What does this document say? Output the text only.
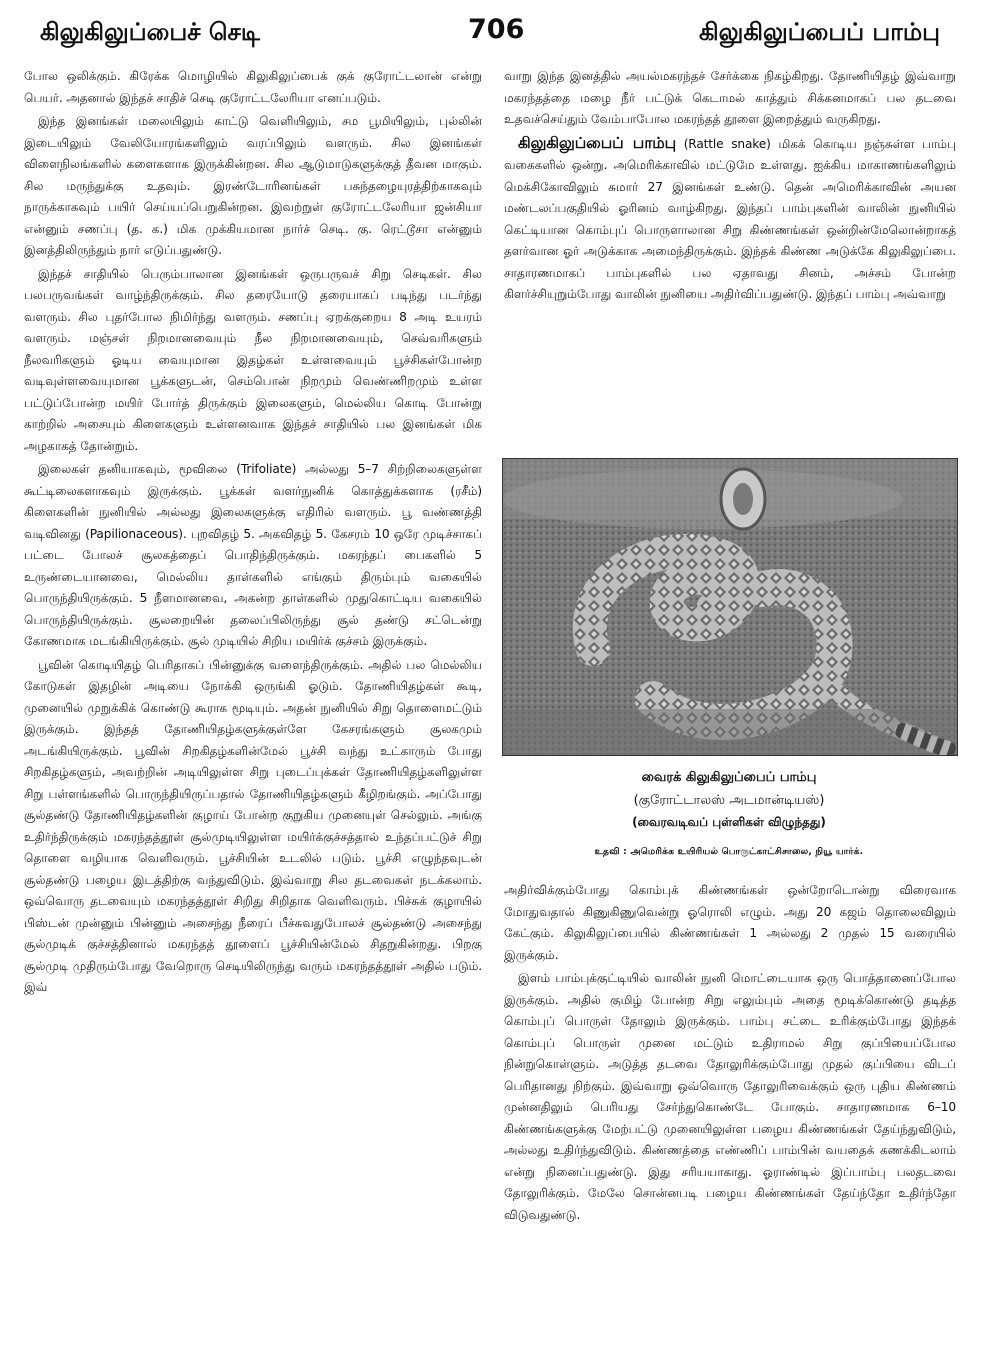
கிலுகிலுப்பைச் செடி	706	கிலுகிலுப்பைப் பாம்பு

போல ஒலிக்கும். கிரேக்க மொழியில் கிலுகிலுப்பைக் குக் குரோட்டலான் என்று பெயர். அதனால் இந்தச் சாதிச் செடி குரோட்டலேரியா எனப்படும்.

இந்த இனங்கள் மலையிலும் காட்டு வெளியிலும், சம பூமியிலும், புல்லின் இடையிலும் வேலியோரங்களிலும் வரப்பிலும் வளரும். சில இனங்கள் விளைநிலங்களில் களைகளாக இருக்கின்றன. சில ஆடுமாடுகளுக்குத் தீவன மாகும். சில மருந்துக்கு உதவும். இரண்டோரினங்கள் பசுந்தழையுரத்திற்காகவும் நாருக்காகவும் பயிர் செய்யப்பெறுகின்றன. இவற்றுள் குரோட்டலேரியா ஜன்சியா என்னும் சணப்பு (த. க.) மிக முக்கியமான நார்ச் செடி. கு. ரெட்டூசா என்னும் இனத்திலிருந்தும் நார் எடுப்பதுண்டு.

இந்தச் சாதியில் பெரும்பாலான இனங்கள் ஒருபருவச் சிறு செடிகள். சில பலபருவங்கள் வாழ்ந்திருக்கும். சில தரையோடு தரையாகப் படிந்து படர்ந்து வளரும். சில புதர்போல நிமிர்ந்து வளரும். சணப்பு ஏறக்குறைய 8 அடி உயரம் வளரும். மஞ்சள் நிறமானவையும் நீல நிறமானவையும், செவ்வரிகளும் நீலவரிகளும் ஓடிய வையுமான இதழ்கள் உள்ளவையும் பூச்சிகள்போன்ற வடிவுள்ளவையுமான பூக்களுடன், செம்பொன் நிறமும் வெண்ணிறமும் உள்ள பட்டுப்போன்ற மயிர் போர்த் திருக்கும் இலைகளும், மெல்லிய கொடி போன்று காற்றில் அசையும் கிளைகளும் உள்ளனவாக இந்தச் சாதியில் பல இனங்கள் மிக அழகாகத் தோன்றும்.

இலைகள் தனியாகவும், மூவிலை (Trifoliate) அல்லது 5–7 சிற்றிலைகளுள்ள கூட்டிலைகளாகவும் இருக்கும். பூக்கள் வளர்நுனிக் கொத்துக்களாக (ரசீம்) கிளைகளின் நுனியில் அல்லது இலைகளுக்கு எதிரில் வளரும். பூ வண்ணத்தி வடிவினது (Papilionaceous). புறவிதழ் 5. அகவிதழ் 5. கேசரம் 10 ஒரே முடிச்சாகப் பட்டை போலச் சூலகத்தைப் பொதிந்திருக்கும். மகரந்தப் பைகளில் 5 உருண்டையானவை, மெல்லிய தாள்களில் எங்கும் திரும்பும் வகையில் பொருந்தியிருக்கும். 5 நீளமானவை, அகன்ற தாள்களில் முதுகொட்டிய வகையில் பொருந்தியிருக்கும். சூலறையின் தலைப்பிலிருந்து சூல் தண்டு சட்டென்று கோணமாக மடங்கியிருக்கும். சூல் முடியில் சிறிய மயிர்க் குச்சம் இருக்கும்.

பூவின் கொடியிதழ் பெரிதாகப் பின்னுக்கு வளைந்திருக்கும். அதில் பல மெல்லிய கோடுகள் இதழின் அடியை நோக்கி ஒருங்கி ஓடும். தோணியிதழ்கள் கூடி, முனையில் முறுக்கிக் கொண்டு கூராக மூடியும். அதன் நுனியில் சிறு தொளைமட்டும் இருக்கும். இந்தத் தோணியிதழ்களுக்குள்ளே கேசரங்களும் சூலகமும் அடங்கியிருக்கும். பூவின் சிறகிதழ்களின்மேல் பூச்சி வந்து உட்காரும் போது சிறகிதழ்களும், அவற்றின் அடியிலுள்ள சிறு புடைப்புக்கள் தோணியிதழ்களிலுள்ள சிறு பள்ளங்களில் பொருந்தியிருப்பதால் தோணியிதழ்களும் கீழிறங்கும். அப்போது சூல்தண்டு தோணியிதழ்களின் குழாய் போன்ற குறுகிய முனையுள் செல்லும். அங்கு உதிர்ந்திருக்கும் மகரந்தத்தூள் சூல்முடியிலுள்ள மயிர்க்குச்சத்தால் உந்தப்பட்டுச் சிறு தொளை வழியாக வெளிவரும். பூச்சியின் உடலில் படும். பூச்சி எழுந்தவுடன் சூல்தண்டு பழைய இடத்திற்கு வந்துவிடும். இவ்வாறு சில தடவைகள் நடக்கலாம். ஒவ்வொரு தடவையும் மகரந்தத்தூள் சிறிது சிறிதாக வெளிவரும். பிச்சுக் குழாயில் பிஸ்டன் முன்னும் பின்னும் அசைந்து நீரைப் பீச்சுவதுபோலச் சூல்தண்டு அசைந்து சூல்முடிக் குச்சத்தினால் மகரந்தத் தூளைப் பூச்சியின்மேல் சிதறுகின்றது. பிறகு சூல்முடி முதிரும்போது வேறொரு செடியிலிருந்து வரும் மகரந்தத்தூள் அதில் படும். இவ்

வாறு இந்த இனத்தில் அயல்மகரந்தச் சேர்க்கை நிகழ்கிறது. தோணியிதழ் இவ்வாறு மகரந்தத்தை மழை நீர் பட்டுக் கெடாமல் காத்தும் சிக்கனமாகப் பல தடவை உதவச்செய்தும் வேம்பாபோல மகரந்தத் தூளை இறைத்தும் வருகிறது.

கிலுகிலுப்பைப் பாம்பு (Rattle snake) மிகக் கொடிய நஞ்சுள்ள பாம்பு வகைகளில் ஒன்று. அமெரிக்காவில் மட்டுமே உள்ளது. ஐக்கிய மாகாணங்களிலும் மெக்சிகோவிலும் சுமார் 27 இனங்கள் உண்டு. தென் அமெரிக்காவின் அயன மண்டலப்பகுதியில் ஓரினம் வாழ்கிறது. இந்தப் பாம்புகளின் வாலின் நுனியில் கெட்டியான கொம்புப் பொருளாலான சிறு கிண்ணங்கள் ஒன்றின்மேலொன்றாகத் தளர்வான ஓர் அடுக்காக அமைந்திருக்கும். இந்தக் கிண்ண அடுக்கே கிலுகிலுப்பை. சாதாரணமாகப் பாம்புகளில் பல ஏதாவது சினம், அச்சம் போன்ற கிளர்ச்சியுறும்போது வாலின் நுனியை அதிர்விப்பதுண்டு. இந்தப் பாம்பு அவ்வாறு

வைரக் கிலுகிலுப்பைப் பாம்பு
(குரோட்டாலஸ் அடமான்டியஸ்)
(வைரவடிவப் புள்ளிகள் விழுந்தது)
உதவி : அமெரிக்க உயிரியல் பொருட்காட்சிசாலை, நியூ யார்க்.

அதிர்விக்கும்போது கொம்புக் கிண்ணங்கள் ஒன்றோடொன்று விரைவாக மோதுவதால் கிணுகிணுவென்று ஓரொலி எழும். அது 20 கஜம் தொலைவிலும் கேட்கும். கிலுகிலுப்பையில் கிண்ணங்கள் 1 அல்லது 2 முதல் 15 வரையில் இருக்கும்.

இளம் பாம்புக்குட்டியில் வாலின் நுனி மொட்டையாக ஒரு பொத்தானைப்போல இருக்கும். அதில் குமிழ் போன்ற சிறு எலும்பும் அதை மூடிக்கொண்டு தடித்த கொம்புப் பொருள் தோலும் இருக்கும். பாம்பு சட்டை உரிக்கும்போது இந்தக் கொம்புப் பொருள் முனை மட்டும் உதிராமல் சிறு குப்பியைப்போல நின்றுகொள்ளும். அடுத்த தடவை தோலுரிக்கும்போது முதல் குப்பியை விடப் பெரிதானது நிற்கும். இவ்வாறு ஒவ்வொரு தோலுரிவைக்கும் ஒரு புதிய கிண்ணம் முன்னதிலும் பெரியது சேர்ந்துகொண்டே போகும். சாதாரணமாக 6–10 கிண்ணங்களுக்கு மேற்பட்டு முனையிலுள்ள பழைய கிண்ணங்கள் தேய்ந்துவிடும், அல்லது உதிர்ந்துவிடும். கிண்ணத்தை எண்ணிப் பாம்பின் வயதைக் கணக்கிடலாம் என்று நினைப்பதுண்டு. இது சரியயாகாது. ஓராண்டில் இப்பாம்பு பலதடவை தோலுரிக்கும். மேலே சொன்னபடி பழைய கிண்ணங்கள் தேய்ந்தோ உதிர்ந்தோ விடுவதுண்டு.
